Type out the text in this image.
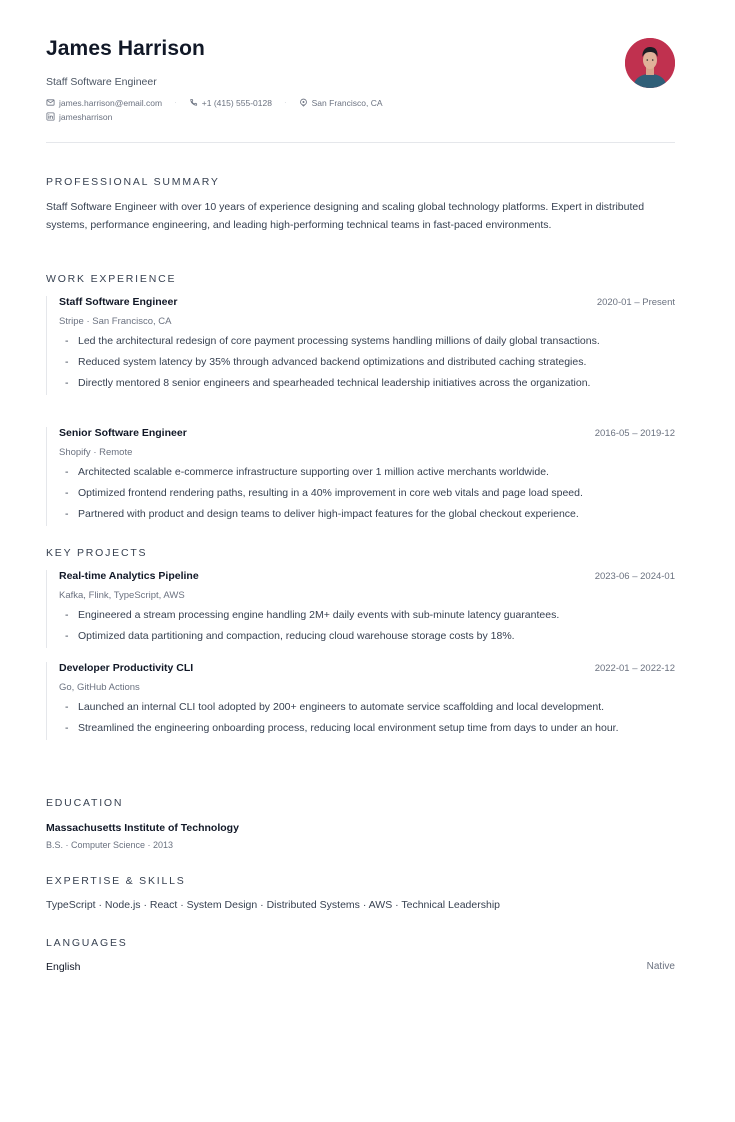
James Harrison
Staff Software Engineer
james.harrison@email.com ·	+1 (415) 555-0128 ·	San Francisco, CA
jamesharrison
PROFESSIONAL SUMMARY
Staff Software Engineer with over 10 years of experience designing and scaling global technology platforms. Expert in distributed systems, performance engineering, and leading high-performing technical teams in fast-paced environments.
WORK EXPERIENCE
Staff Software Engineer	2020-01 – Present
Stripe · San Francisco, CA
- Led the architectural redesign of core payment processing systems handling millions of daily global transactions.
- Reduced system latency by 35% through advanced backend optimizations and distributed caching strategies.
- Directly mentored 8 senior engineers and spearheaded technical leadership initiatives across the organization.
Senior Software Engineer	2016-05 – 2019-12
Shopify · Remote
- Architected scalable e-commerce infrastructure supporting over 1 million active merchants worldwide.
- Optimized frontend rendering paths, resulting in a 40% improvement in core web vitals and page load speed.
- Partnered with product and design teams to deliver high-impact features for the global checkout experience.
KEY PROJECTS
Real-time Analytics Pipeline	2023-06 – 2024-01
Kafka, Flink, TypeScript, AWS
- Engineered a stream processing engine handling 2M+ daily events with sub-minute latency guarantees.
- Optimized data partitioning and compaction, reducing cloud warehouse storage costs by 18%.
Developer Productivity CLI	2022-01 – 2022-12
Go, GitHub Actions
- Launched an internal CLI tool adopted by 200+ engineers to automate service scaffolding and local development.
- Streamlined the engineering onboarding process, reducing local environment setup time from days to under an hour.
EDUCATION
Massachusetts Institute of Technology
B.S. · Computer Science · 2013
EXPERTISE & SKILLS
TypeScript · Node.js · React · System Design · Distributed Systems · AWS · Technical Leadership
LANGUAGES
English	Native
